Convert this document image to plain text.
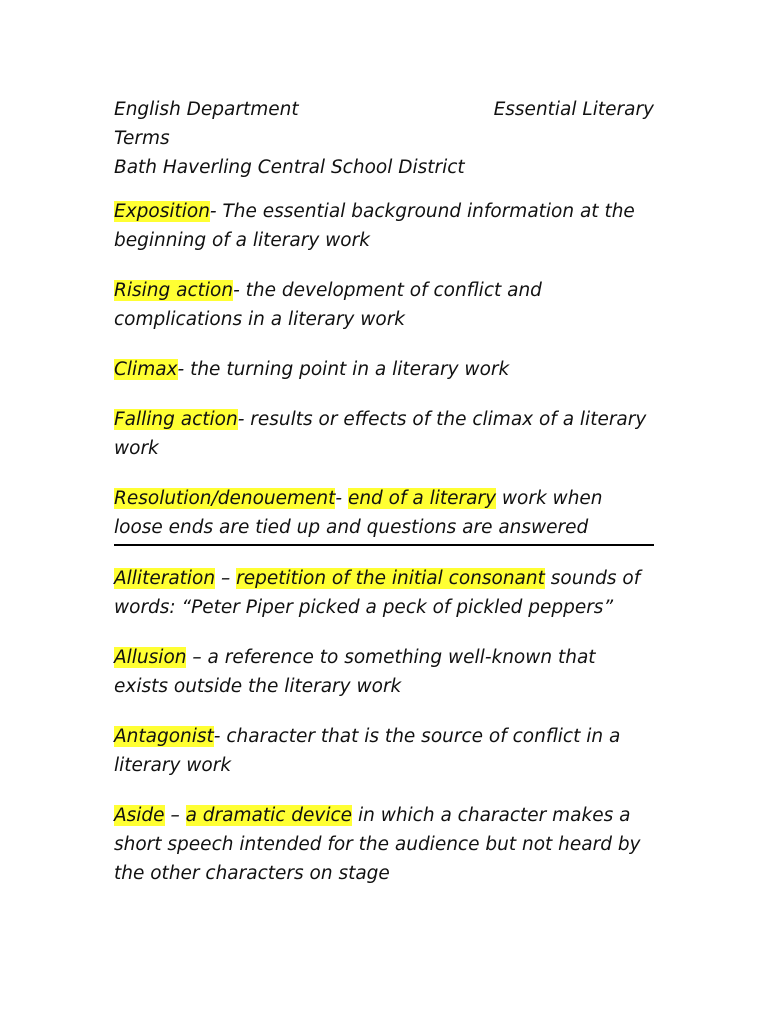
English Department	Essential Literary
Terms
Bath Haverling Central School District
Exposition- The essential background information at the beginning of a literary work
Rising action- the development of conflict and complications in a literary work
Climax- the turning point in a literary work
Falling action- results or effects of the climax of a literary work
Resolution/denouement- end of a literary work when loose ends are tied up and questions are answered
Alliteration – repetition of the initial consonant sounds of words: “Peter Piper picked a peck of pickled peppers”
Allusion – a reference to something well-known that exists outside the literary work
Antagonist- character that is the source of conflict in a literary work
Aside – a dramatic device in which a character makes a short speech intended for the audience but not heard by the other characters on stage
